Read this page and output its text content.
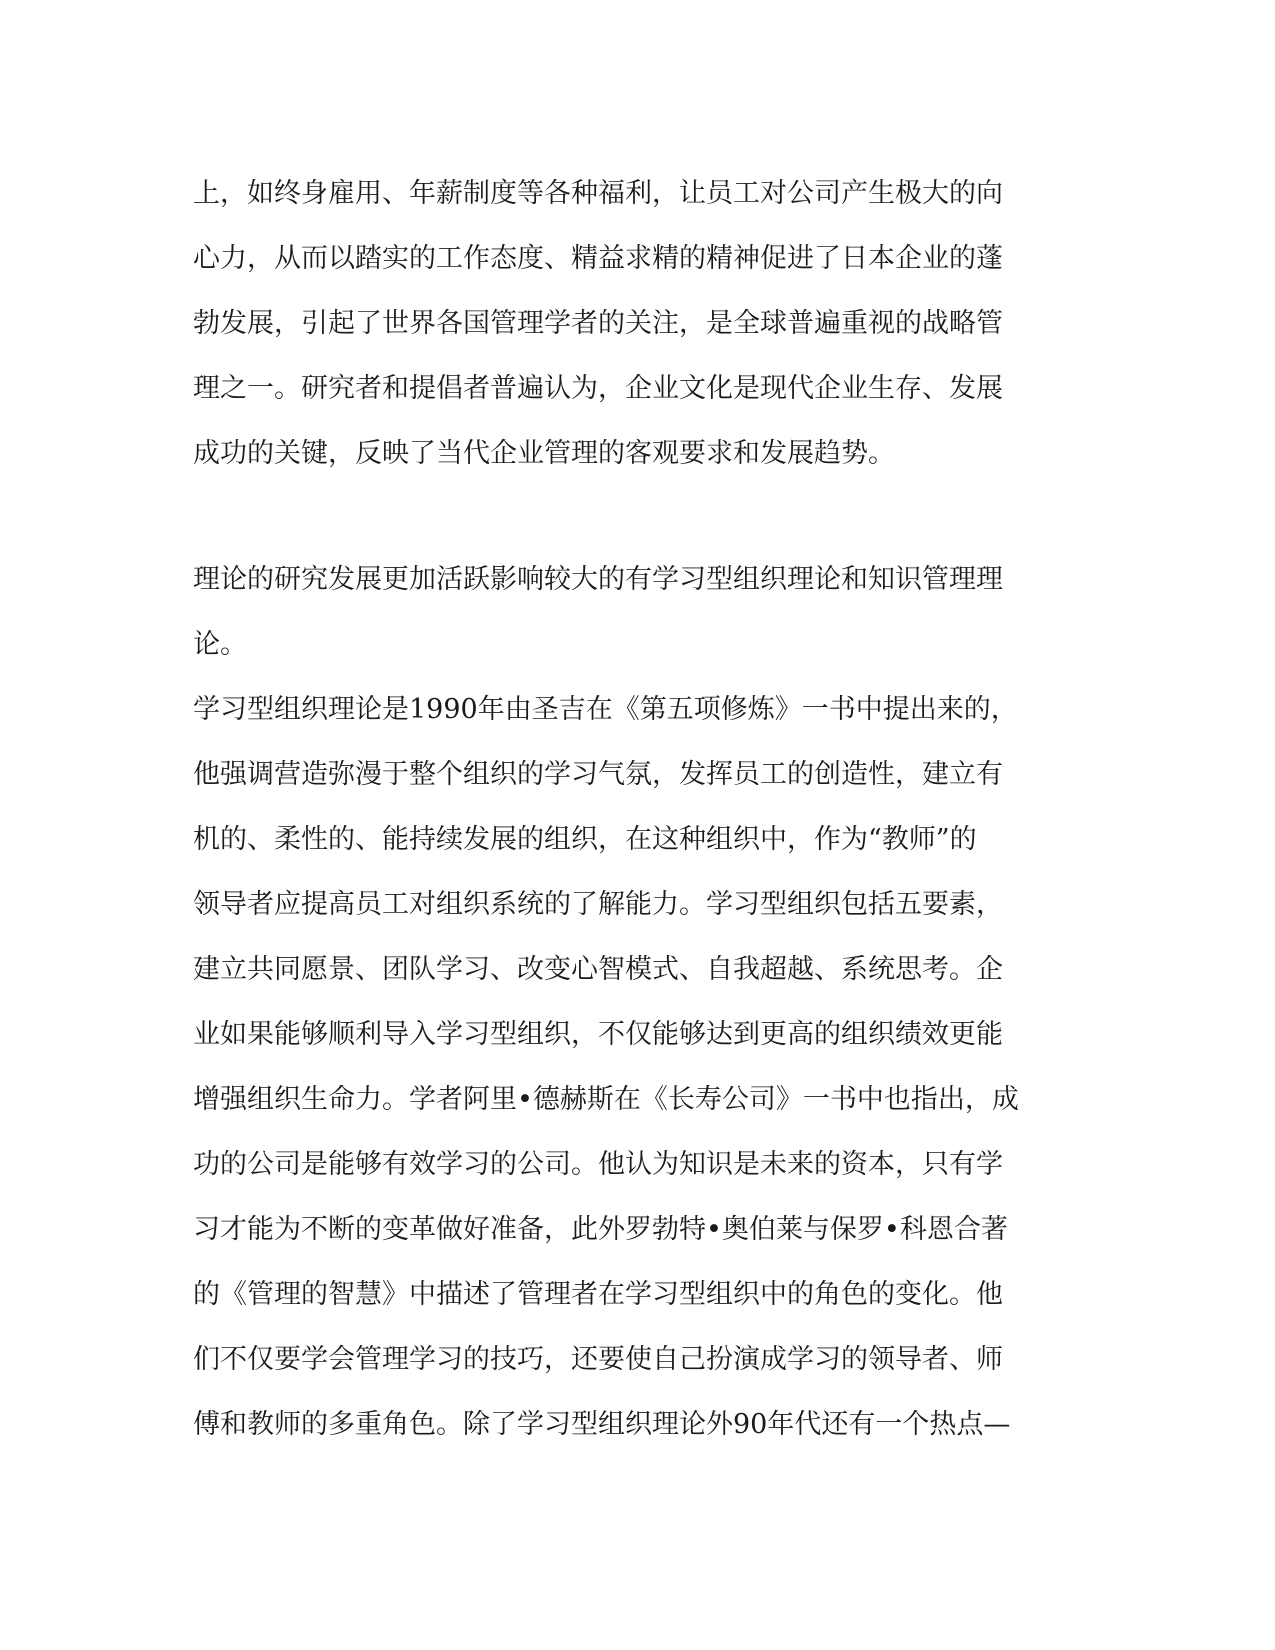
上，如终身雇用、年薪制度等各种福利，让员工对公司产生极大的向
心力，从而以踏实的工作态度、精益求精的精神促进了日本企业的蓬
勃发展，引起了世界各国管理学者的关注，是全球普遍重视的战略管
理之一。研究者和提倡者普遍认为，企业文化是现代企业生存、发展
成功的关键，反映了当代企业管理的客观要求和发展趋势。
理论的研究发展更加活跃影响较大的有学习型组织理论和知识管理理
论。
学习型组织理论是1990年由圣吉在《第五项修炼》一书中提出来的，
他强调营造弥漫于整个组织的学习气氛，发挥员工的创造性，建立有
机的、柔性的、能持续发展的组织，在这种组织中，作为“教师”的
领导者应提高员工对组织系统的了解能力。学习型组织包括五要素，
建立共同愿景、团队学习、改变心智模式、自我超越、系统思考。企
业如果能够顺利导入学习型组织，不仅能够达到更高的组织绩效更能
增强组织生命力。学者阿里•德赫斯在《长寿公司》一书中也指出，成
功的公司是能够有效学习的公司。他认为知识是未来的资本，只有学
习才能为不断的变革做好准备，此外罗勃特•奥伯莱与保罗•科恩合著
的《管理的智慧》中描述了管理者在学习型组织中的角色的变化。他
们不仅要学会管理学习的技巧，还要使自己扮演成学习的领导者、师
傅和教师的多重角色。除了学习型组织理论外90年代还有一个热点—
